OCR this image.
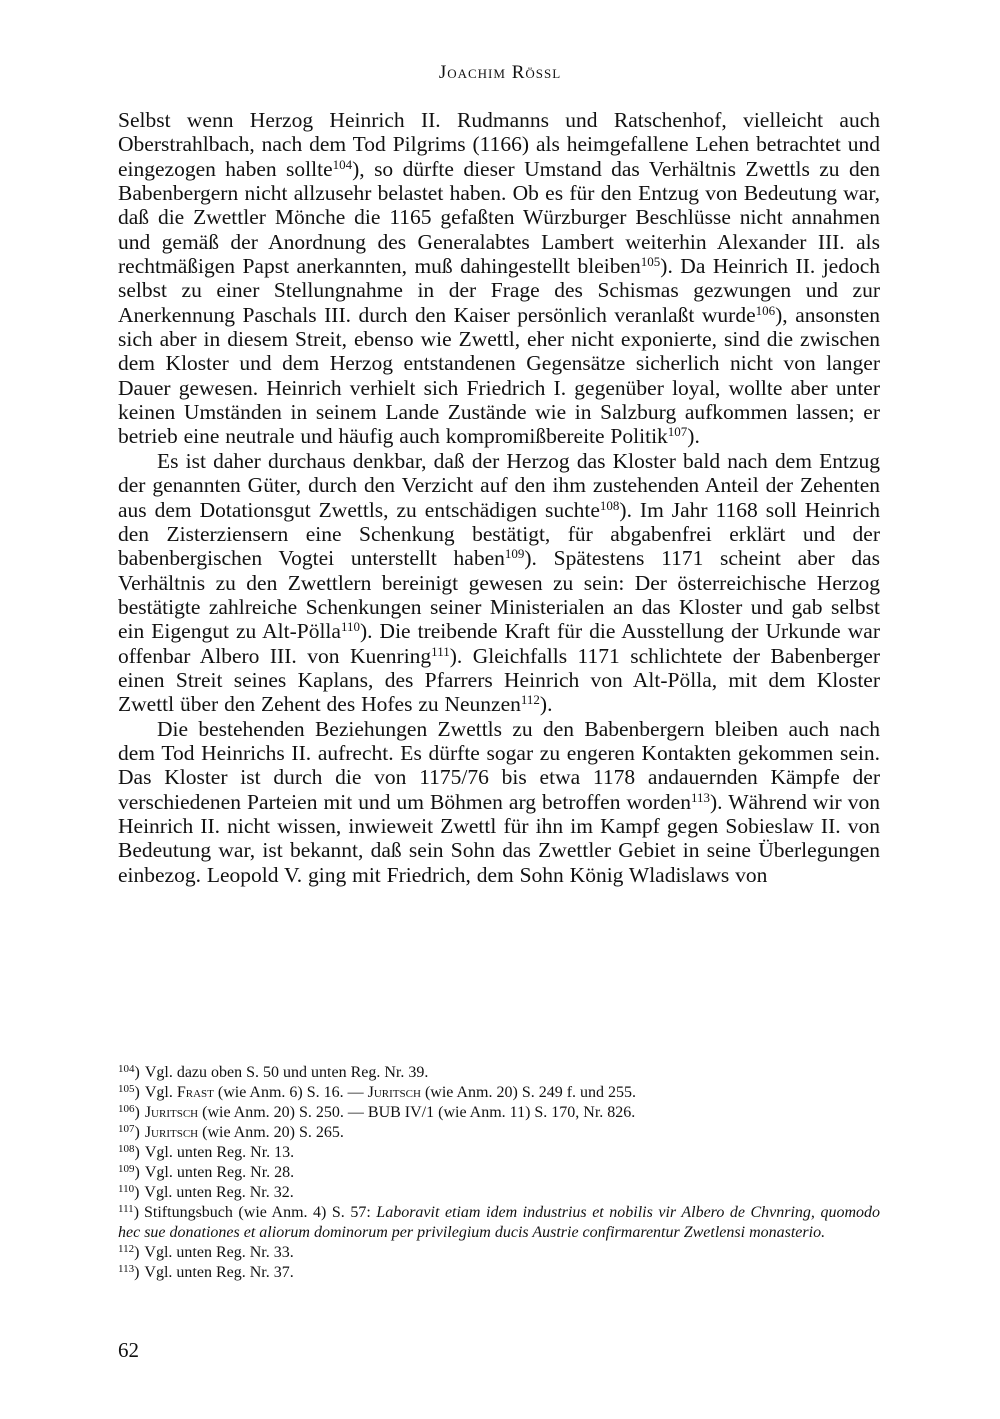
Joachim Rössl

Selbst wenn Herzog Heinrich II. Rudmanns und Ratschenhof, vielleicht auch Oberstrahlbach, nach dem Tod Pilgrims (1166) als heimgefallene Lehen betrachtet und eingezogen haben sollte$^{104}$), so dürfte dieser Umstand das Verhältnis Zwettls zu den Babenbergern nicht allzusehr belastet haben. Ob es für den Entzug von Bedeutung war, daß die Zwettler Mönche die 1165 gefaßten Würzburger Beschlüsse nicht annahmen und gemäß der Anordnung des Generalabtes Lambert weiterhin Alexander III. als rechtmäßigen Papst anerkannten, muß dahingestellt bleiben$^{105}$). Da Heinrich II. jedoch selbst zu einer Stellungnahme in der Frage des Schismas gezwungen und zur Anerkennung Paschals III. durch den Kaiser persönlich veranlaßt wurde$^{106}$), ansonsten sich aber in diesem Streit, ebenso wie Zwettl, eher nicht exponierte, sind die zwischen dem Kloster und dem Herzog entstandenen Gegensätze sicherlich nicht von langer Dauer gewesen. Heinrich verhielt sich Friedrich I. gegenüber loyal, wollte aber unter keinen Umständen in seinem Lande Zustände wie in Salzburg aufkommen lassen; er betrieb eine neutrale und häufig auch kompromißbereite Politik$^{107}$).

Es ist daher durchaus denkbar, daß der Herzog das Kloster bald nach dem Entzug der genannten Güter, durch den Verzicht auf den ihm zustehenden Anteil der Zehenten aus dem Dotationsgut Zwettls, zu entschädigen suchte$^{108}$). Im Jahr 1168 soll Heinrich den Zisterziensern eine Schenkung bestätigt, für abgabenfrei erklärt und der babenbergischen Vogtei unterstellt haben$^{109}$). Spätestens 1171 scheint aber das Verhältnis zu den Zwettlern bereinigt gewesen zu sein: Der österreichische Herzog bestätigte zahlreiche Schenkungen seiner Ministerialen an das Kloster und gab selbst ein Eigengut zu Alt-Pölla$^{110}$). Die treibende Kraft für die Ausstellung der Urkunde war offenbar Albero III. von Kuenring$^{111}$). Gleichfalls 1171 schlichtete der Babenberger einen Streit seines Kaplans, des Pfarrers Heinrich von Alt-Pölla, mit dem Kloster Zwettl über den Zehent des Hofes zu Neunzen$^{112}$).

Die bestehenden Beziehungen Zwettls zu den Babenbergern bleiben auch nach dem Tod Heinrichs II. aufrecht. Es dürfte sogar zu engeren Kontakten gekommen sein. Das Kloster ist durch die von 1175/76 bis etwa 1178 andauernden Kämpfe der verschiedenen Parteien mit und um Böhmen arg betroffen worden$^{113}$). Während wir von Heinrich II. nicht wissen, inwieweit Zwettl für ihn im Kampf gegen Sobieslaw II. von Bedeutung war, ist bekannt, daß sein Sohn das Zwettler Gebiet in seine Überlegungen einbezog. Leopold V. ging mit Friedrich, dem Sohn König Wladislaws von

$^{104}$) Vgl. dazu oben S. 50 und unten Reg. Nr. 39.

$^{105}$) Vgl. Frast (wie Anm. 6) S. 16. — Juritsch (wie Anm. 20) S. 249 f. und 255.

$^{106}$) Juritsch (wie Anm. 20) S. 250. — BUB IV/1 (wie Anm. 11) S. 170, Nr. 826.

$^{107}$) Juritsch (wie Anm. 20) S. 265.

$^{108}$) Vgl. unten Reg. Nr. 13.

$^{109}$) Vgl. unten Reg. Nr. 28.

$^{110}$) Vgl. unten Reg. Nr. 32.

$^{111}$) Stiftungsbuch (wie Anm. 4) S. 57: Laboravit etiam idem industrius et nobilis vir Albero de Chvnring, quomodo hec sue donationes et aliorum dominorum per privilegium ducis Austrie confirmarentur Zwetlensi monasterio.

$^{112}$) Vgl. unten Reg. Nr. 33.

$^{113}$) Vgl. unten Reg. Nr. 37.

62
